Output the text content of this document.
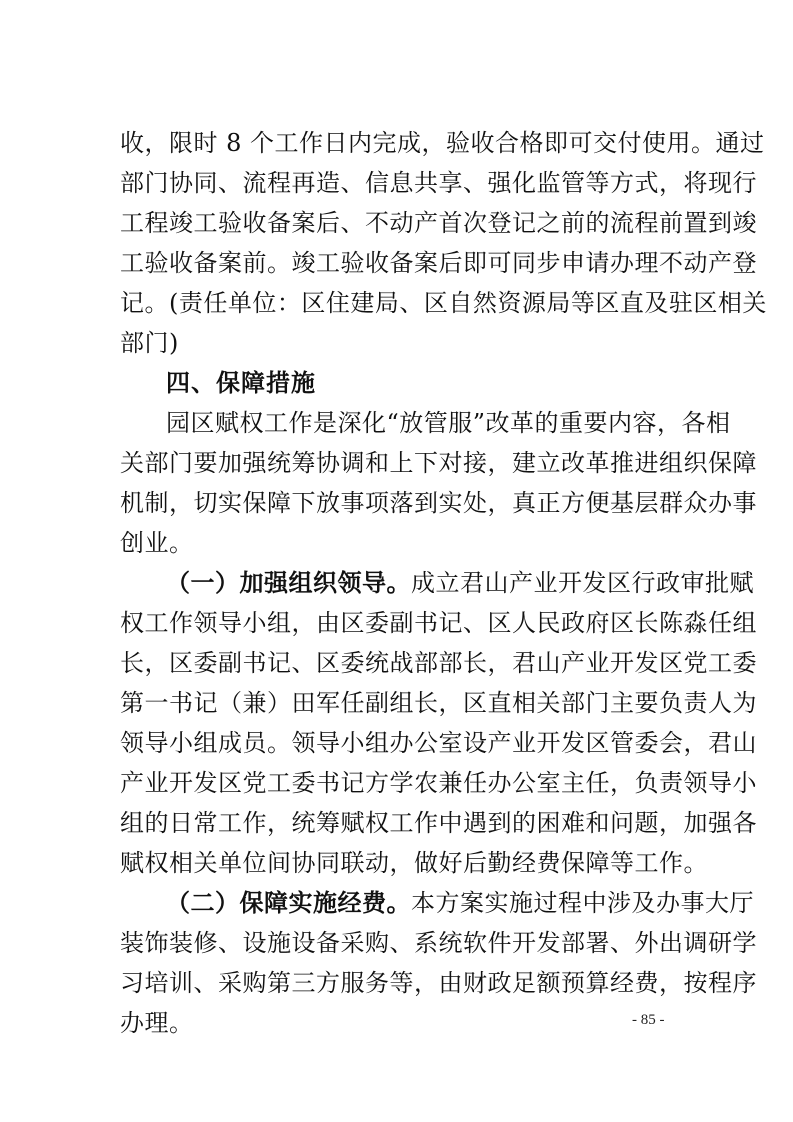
收，限时 8 个工作日内完成，验收合格即可交付使用。通过
部门协同、流程再造、信息共享、强化监管等方式，将现行
工程竣工验收备案后、不动产首次登记之前的流程前置到竣
工验收备案前。竣工验收备案后即可同步申请办理不动产登
记。(责任单位：区住建局、区自然资源局等区直及驻区相关
部门)
四、保障措施
园区赋权工作是深化“放管服”改革的重要内容，各相
关部门要加强统筹协调和上下对接，建立改革推进组织保障
机制，切实保障下放事项落到实处，真正方便基层群众办事
创业。
（一）加强组织领导。成立君山产业开发区行政审批赋
权工作领导小组，由区委副书记、区人民政府区长陈淼任组
长，区委副书记、区委统战部部长，君山产业开发区党工委
第一书记（兼）田军任副组长，区直相关部门主要负责人为
领导小组成员。领导小组办公室设产业开发区管委会，君山
产业开发区党工委书记方学农兼任办公室主任，负责领导小
组的日常工作，统筹赋权工作中遇到的困难和问题，加强各
赋权相关单位间协同联动，做好后勤经费保障等工作。
（二）保障实施经费。本方案实施过程中涉及办事大厅
装饰装修、设施设备采购、系统软件开发部署、外出调研学
习培训、采购第三方服务等，由财政足额预算经费，按程序
办理。	- 85 -
